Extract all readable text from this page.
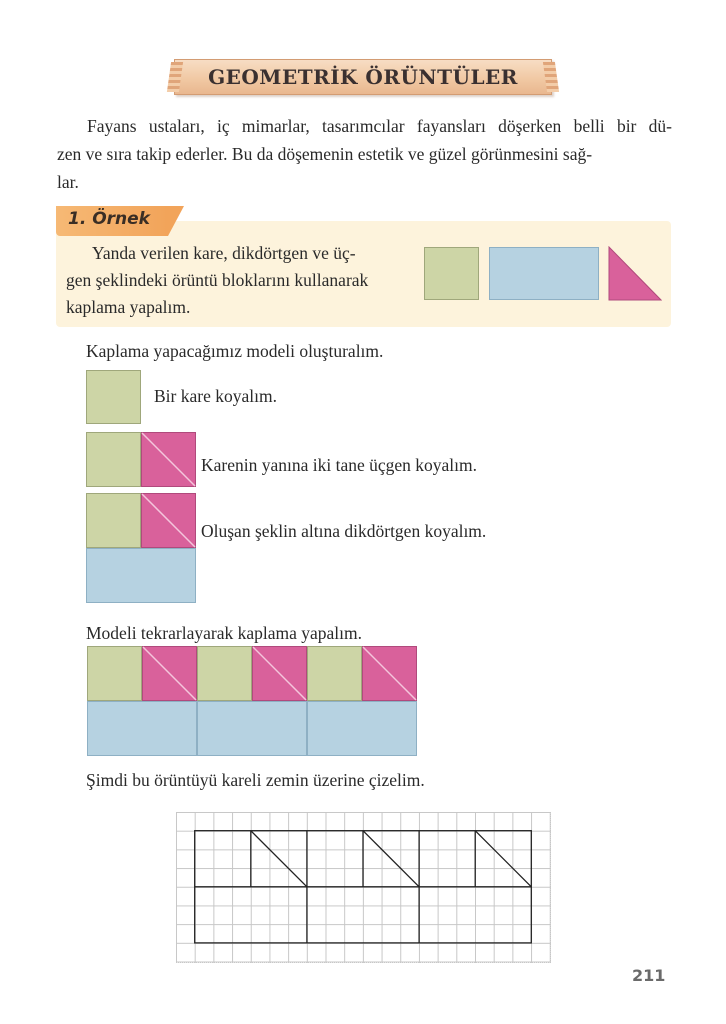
GEOMETRİK ÖRÜNTÜLER

Fayans ustaları, iç mimarlar, tasarımcılar fayansları döşerken belli bir dü-

zen ve sıra takip ederler. Bu da döşemenin estetik ve güzel görünmesini sağ-
lar.

1. Örnek
Yanda verilen kare, dikdörtgen ve üç-
gen şeklindeki örüntü bloklarını kullanarak
kaplama yapalım.
Kaplama yapacağımız modeli oluşturalım.
Bir kare koyalım.
Karenin yanına iki tane üçgen koyalım.
Oluşan şeklin altına dikdörtgen koyalım.
Modeli tekrarlayarak kaplama yapalım.
Şimdi bu örüntüyü kareli zemin üzerine çizelim.
211
